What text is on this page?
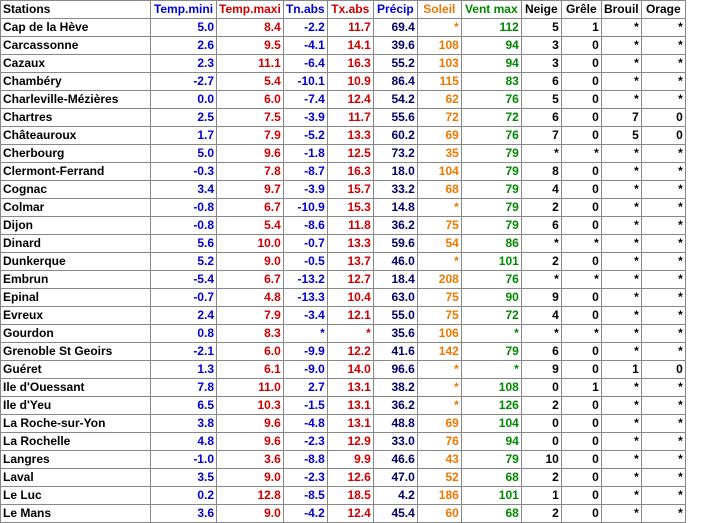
Stations	Temp.mini	Temp.maxi	Tn.abs	Tx.abs	Précip	Soleil	Vent max	Neige	Grêle	Brouil	Orage
Cap de la Hève	5.0	8.4	-2.2	11.7	69.4	*	112	5	1	*	*
Carcassonne	2.6	9.5	-4.1	14.1	39.6	108	94	3	0	*	*
Cazaux	2.3	11.1	-6.4	16.3	55.2	103	94	3	0	*	*
Chambéry	-2.7	5.4	-10.1	10.9	86.4	115	83	6	0	*	*
Charleville-Mézières	0.0	6.0	-7.4	12.4	54.2	62	76	5	0	*	*
Chartres	2.5	7.5	-3.9	11.7	55.6	72	72	6	0	7	0
Châteauroux	1.7	7.9	-5.2	13.3	60.2	69	76	7	0	5	0
Cherbourg	5.0	9.6	-1.8	12.5	73.2	35	79	*	*	*	*
Clermont-Ferrand	-0.3	7.8	-8.7	16.3	18.0	104	79	8	0	*	*
Cognac	3.4	9.7	-3.9	15.7	33.2	68	79	4	0	*	*
Colmar	-0.8	6.7	-10.9	15.3	14.8	*	79	2	0	*	*
Dijon	-0.8	5.4	-8.6	11.8	36.2	75	79	6	0	*	*
Dinard	5.6	10.0	-0.7	13.3	59.6	54	86	*	*	*	*
Dunkerque	5.2	9.0	-0.5	13.7	46.0	*	101	2	0	*	*
Embrun	-5.4	6.7	-13.2	12.7	18.4	208	76	*	*	*	*
Epinal	-0.7	4.8	-13.3	10.4	63.0	75	90	9	0	*	*
Evreux	2.4	7.9	-3.4	12.1	55.0	75	72	4	0	*	*
Gourdon	0.8	8.3	*	*	35.6	106	*	*	*	*	*
Grenoble St Geoirs	-2.1	6.0	-9.9	12.2	41.6	142	79	6	0	*	*
Guéret	1.3	6.1	-9.0	14.0	96.6	*	*	9	0	1	0
Ile d'Ouessant	7.8	11.0	2.7	13.1	38.2	*	108	0	1	*	*
Ile d'Yeu	6.5	10.3	-1.5	13.1	36.2	*	126	2	0	*	*
La Roche-sur-Yon	3.8	9.6	-4.8	13.1	48.8	69	104	0	0	*	*
La Rochelle	4.8	9.6	-2.3	12.9	33.0	76	94	0	0	*	*
Langres	-1.0	3.6	-8.8	9.9	46.6	43	79	10	0	*	*
Laval	3.5	9.0	-2.3	12.6	47.0	52	68	2	0	*	*
Le Luc	0.2	12.8	-8.5	18.5	4.2	186	101	1	0	*	*
Le Mans	3.6	9.0	-4.2	12.4	45.4	60	68	2	0	*	*
